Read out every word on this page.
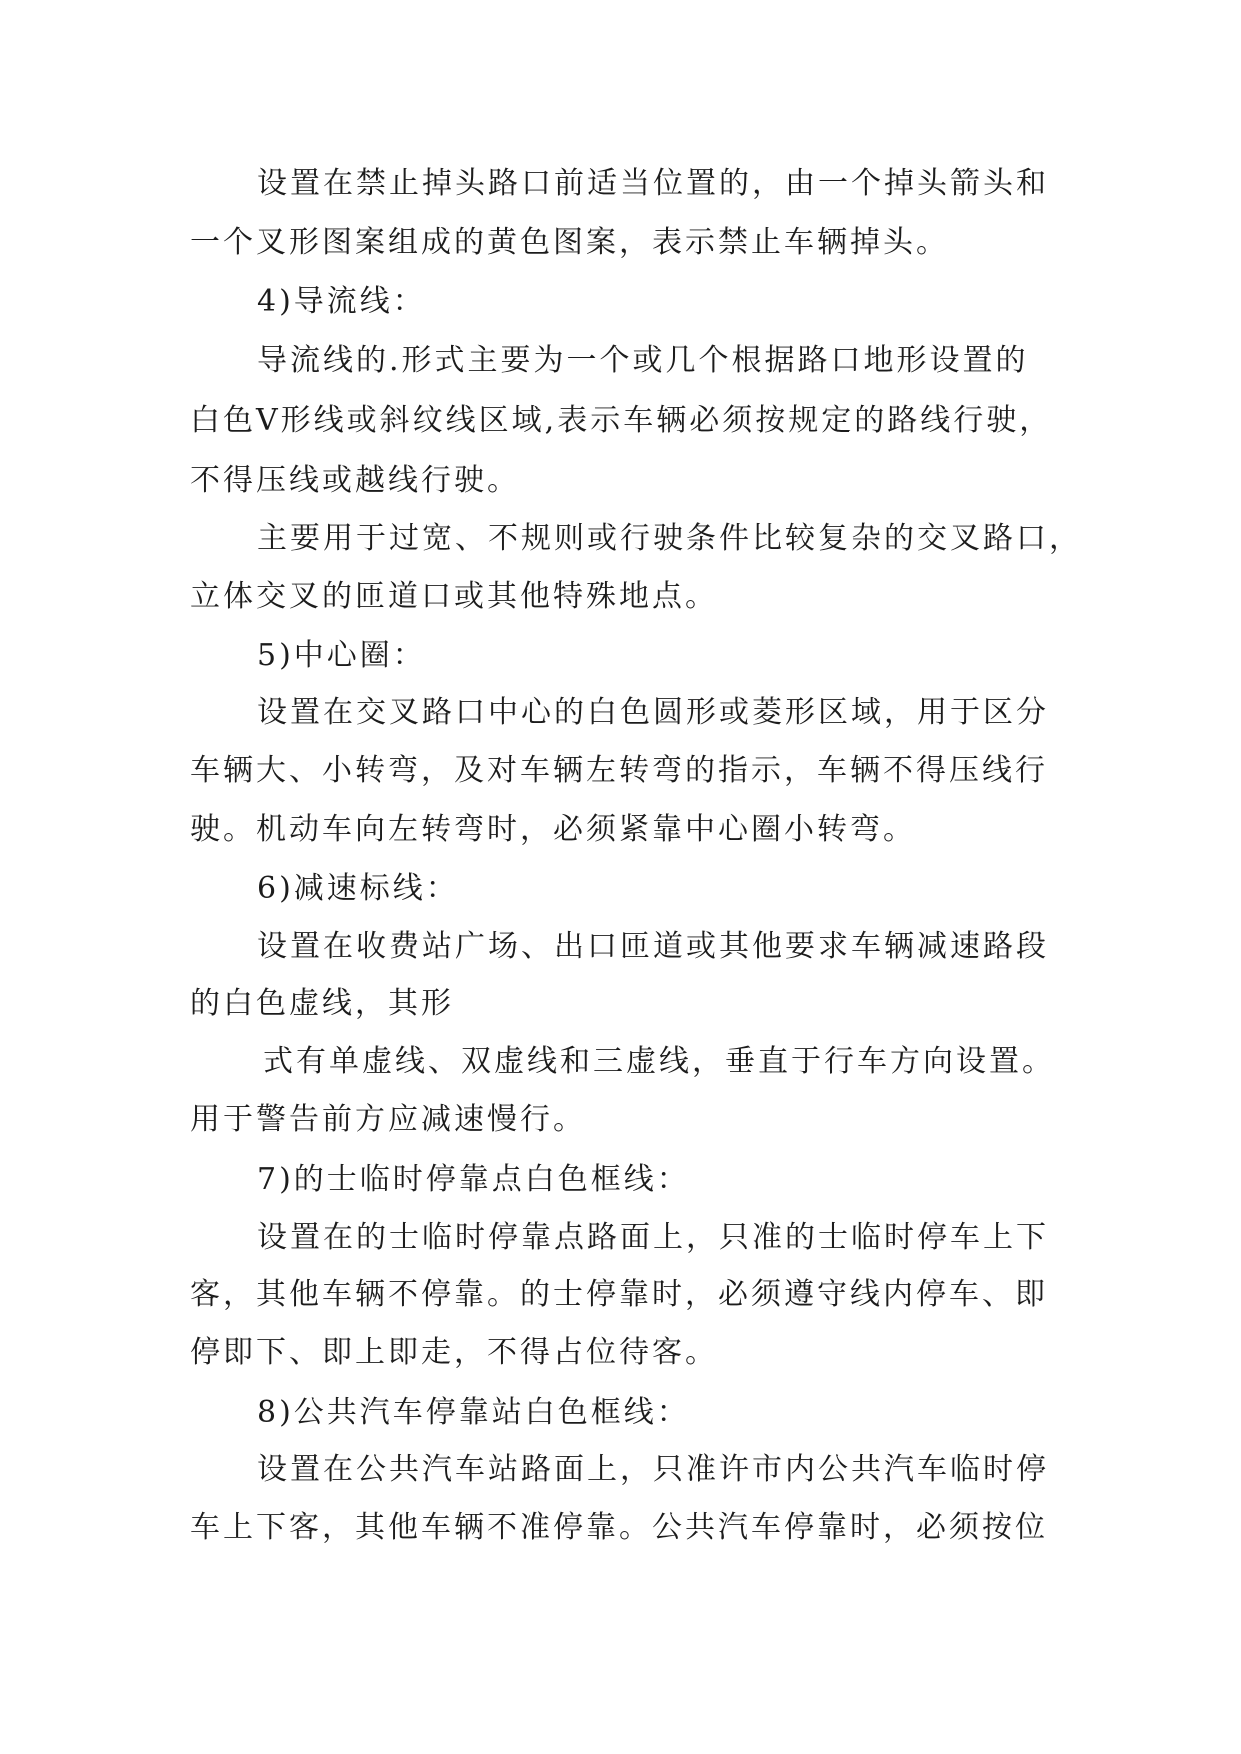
设置在禁止掉头路口前适当位置的，由一个掉头箭头和
一个叉形图案组成的黄色图案，表示禁止车辆掉头。
4)导流线：
导流线的.形式主要为一个或几个根据路口地形设置的
白色V形线或斜纹线区域,表示车辆必须按规定的路线行驶，
不得压线或越线行驶。
主要用于过宽、不规则或行驶条件比较复杂的交叉路口，
立体交叉的匝道口或其他特殊地点。
5)中心圈：
设置在交叉路口中心的白色圆形或菱形区域，用于区分
车辆大、小转弯，及对车辆左转弯的指示，车辆不得压线行
驶。机动车向左转弯时，必须紧靠中心圈小转弯。
6)减速标线：
设置在收费站广场、出口匝道或其他要求车辆减速路段
的白色虚线，其形
式有单虚线、双虚线和三虚线，垂直于行车方向设置。
用于警告前方应减速慢行。
7)的士临时停靠点白色框线：
设置在的士临时停靠点路面上，只准的士临时停车上下
客，其他车辆不停靠。的士停靠时，必须遵守线内停车、即
停即下、即上即走，不得占位待客。
8)公共汽车停靠站白色框线：
设置在公共汽车站路面上，只准许市内公共汽车临时停
车上下客，其他车辆不准停靠。公共汽车停靠时，必须按位
